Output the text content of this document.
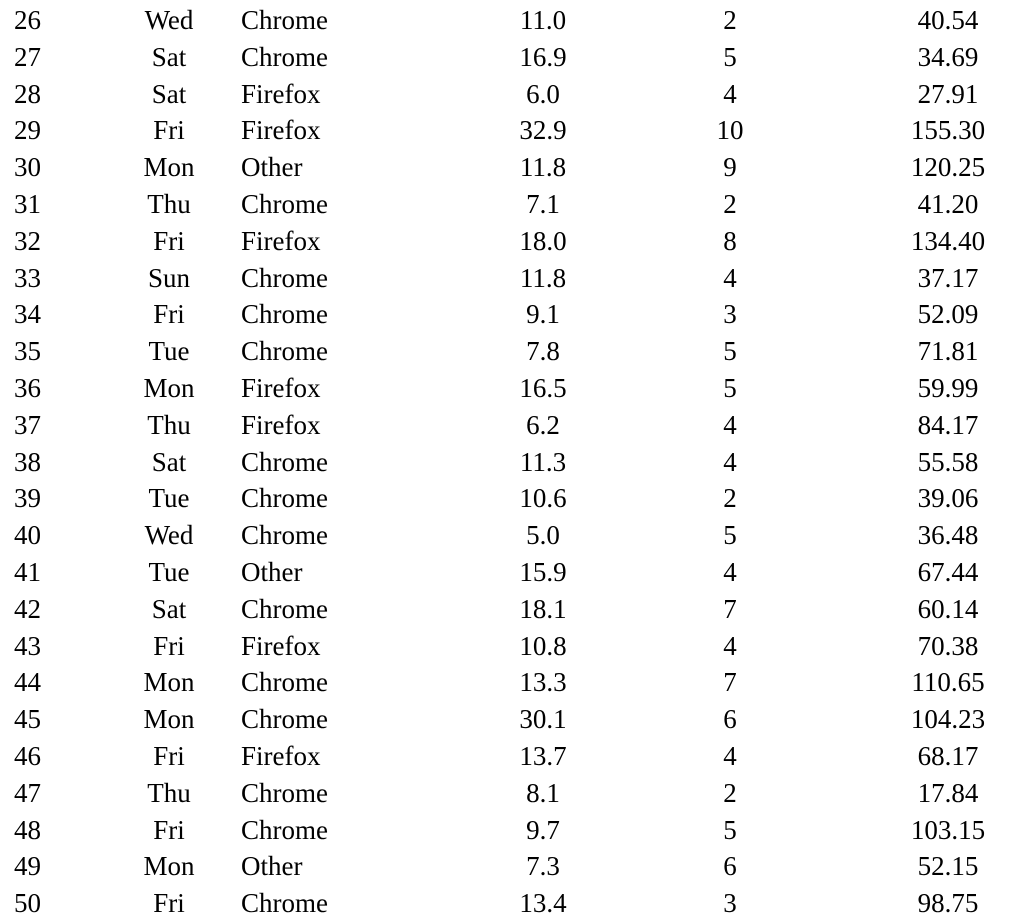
26	Wed	Chrome	11.0	2	40.54
27	Sat	Chrome	16.9	5	34.69
28	Sat	Firefox	6.0	4	27.91
29	Fri	Firefox	32.9	10	155.30
30	Mon	Other	11.8	9	120.25
31	Thu	Chrome	7.1	2	41.20
32	Fri	Firefox	18.0	8	134.40
33	Sun	Chrome	11.8	4	37.17
34	Fri	Chrome	9.1	3	52.09
35	Tue	Chrome	7.8	5	71.81
36	Mon	Firefox	16.5	5	59.99
37	Thu	Firefox	6.2	4	84.17
38	Sat	Chrome	11.3	4	55.58
39	Tue	Chrome	10.6	2	39.06
40	Wed	Chrome	5.0	5	36.48
41	Tue	Other	15.9	4	67.44
42	Sat	Chrome	18.1	7	60.14
43	Fri	Firefox	10.8	4	70.38
44	Mon	Chrome	13.3	7	110.65
45	Mon	Chrome	30.1	6	104.23
46	Fri	Firefox	13.7	4	68.17
47	Thu	Chrome	8.1	2	17.84
48	Fri	Chrome	9.7	5	103.15
49	Mon	Other	7.3	6	52.15
50	Fri	Chrome	13.4	3	98.75
